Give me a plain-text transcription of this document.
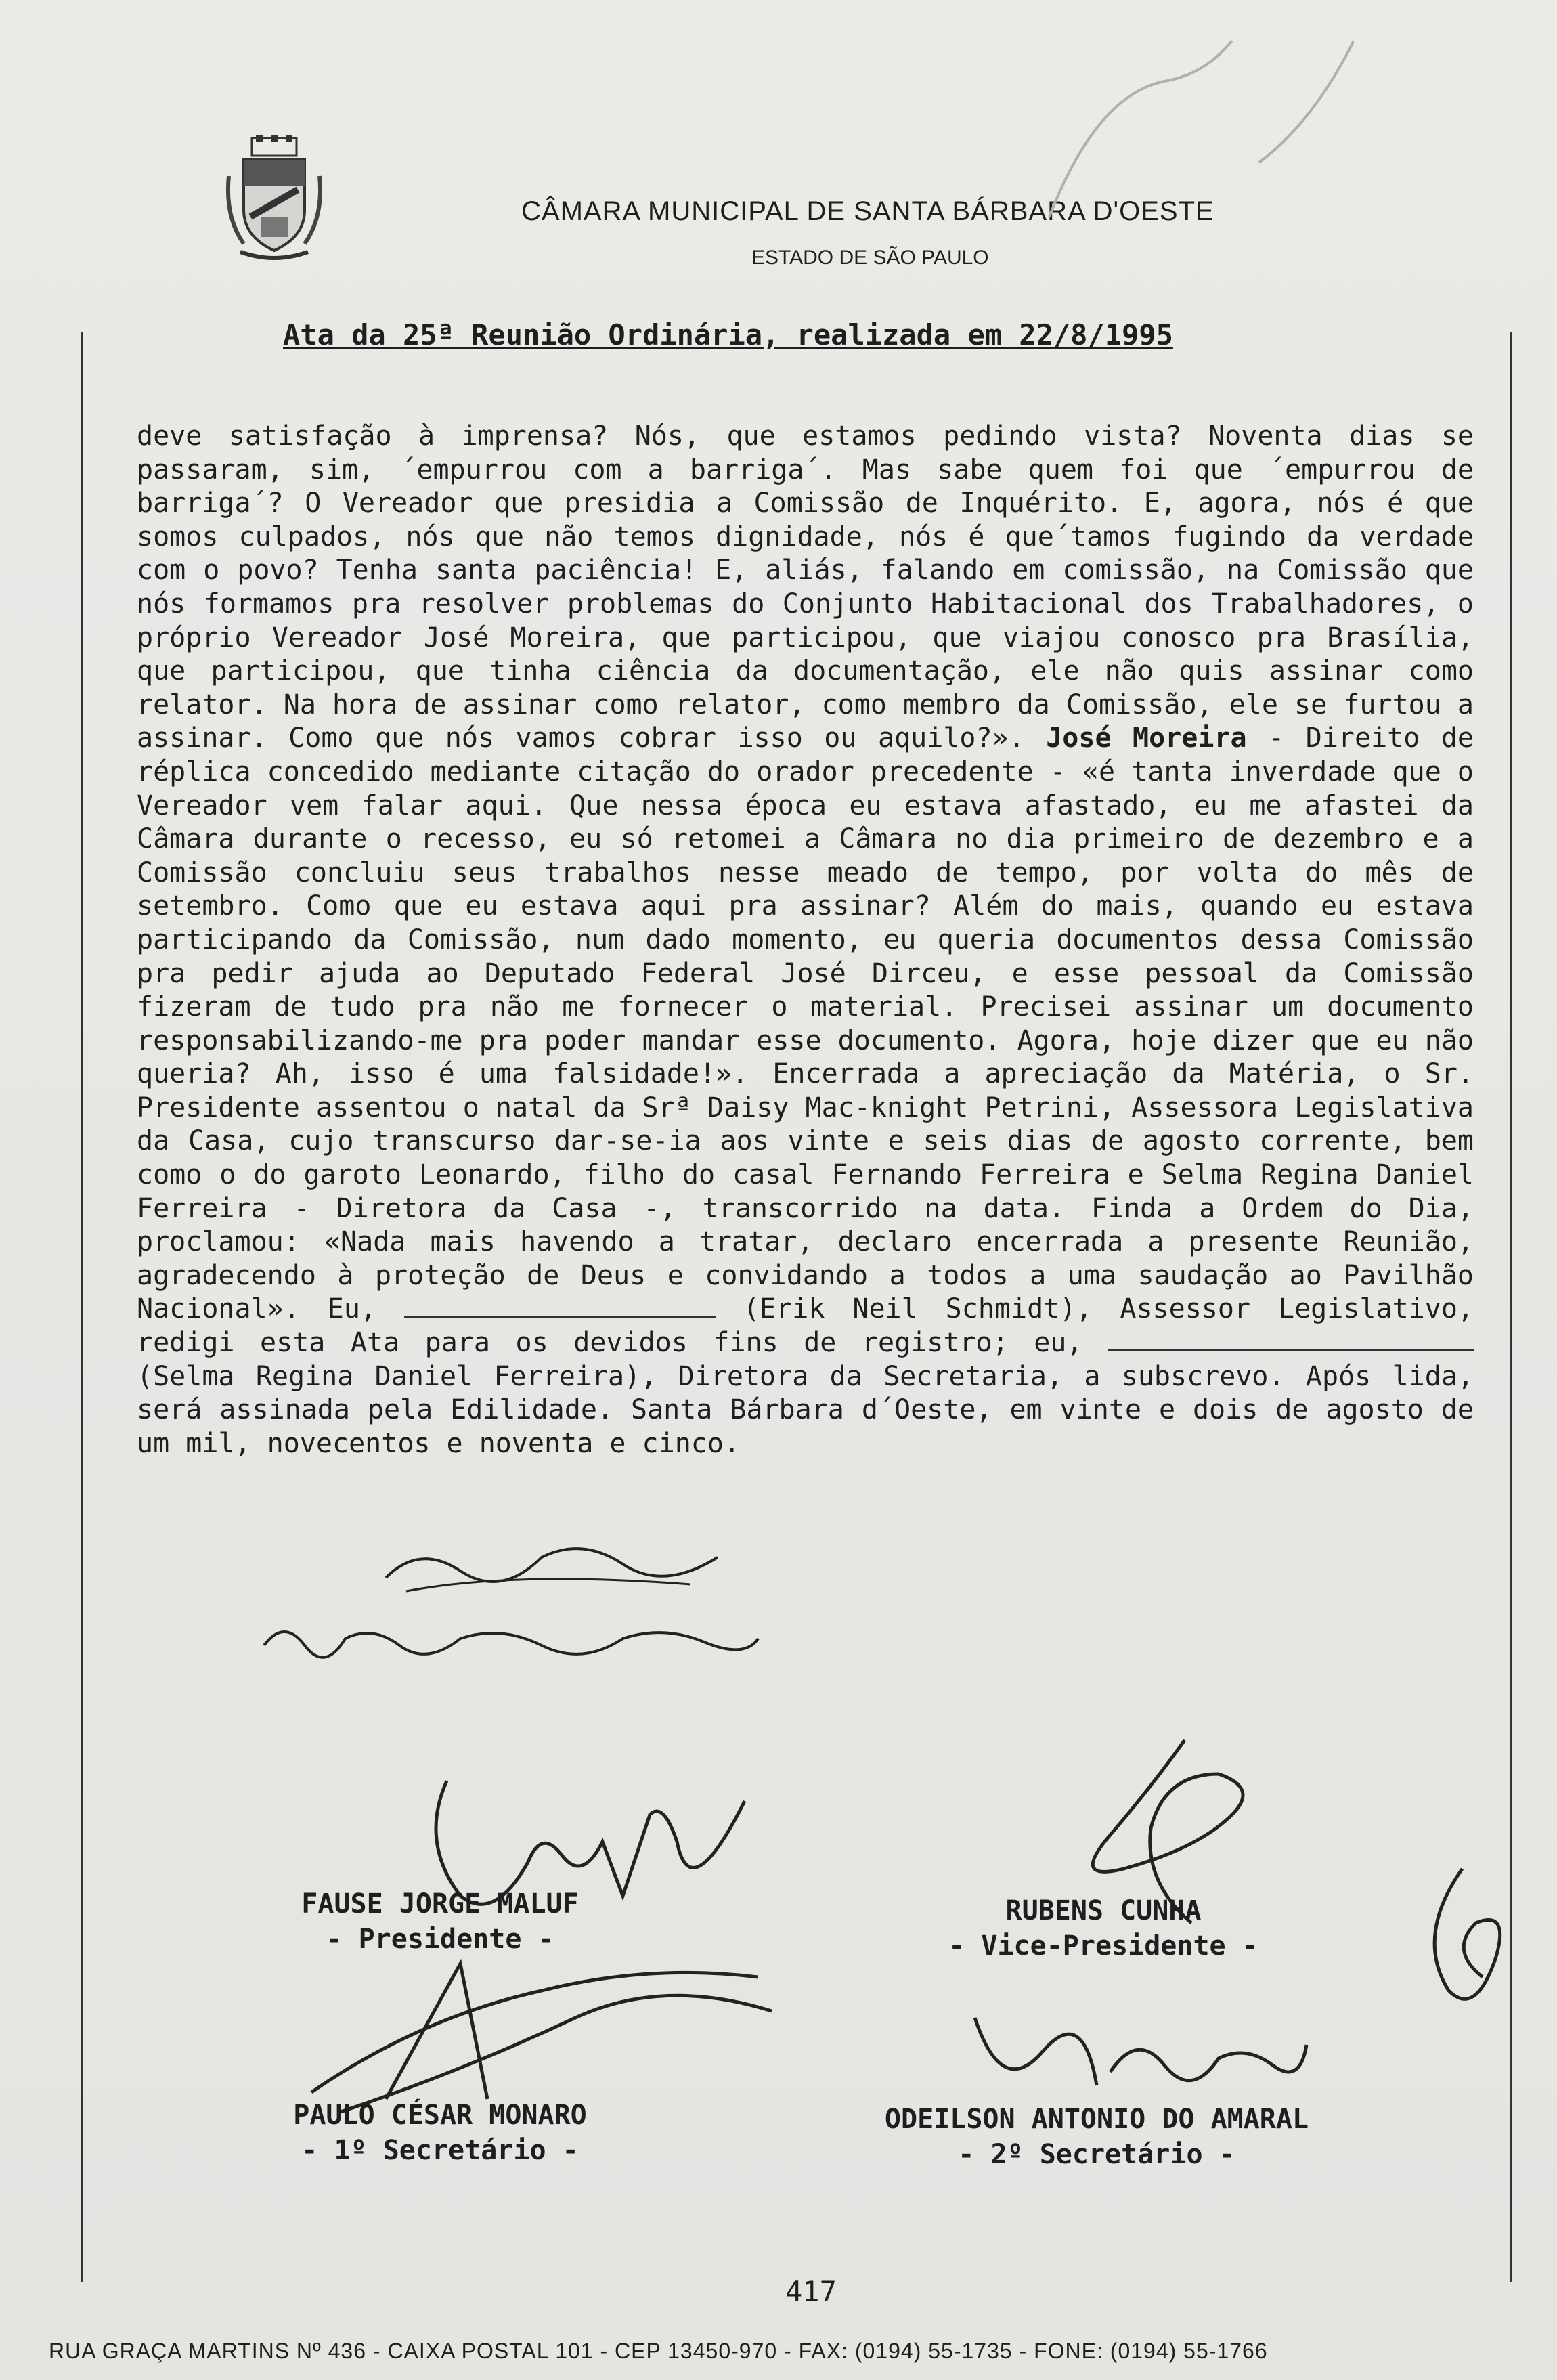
CÂMARA MUNICIPAL DE SANTA BÁRBARA D'OESTE
ESTADO DE SÃO PAULO
Ata da 25ª Reunião Ordinária, realizada em 22/8/1995
deve satisfação à imprensa? Nós, que estamos pedindo vista? Noventa dias se passaram, sim, ´empurrou com a barriga´. Mas sabe quem foi que ´empurrou de barriga´? O Vereador que presidia a Comissão de Inquérito. E, agora, nós é que somos culpados, nós que não temos dignidade, nós é que´tamos fugindo da verdade com o povo? Tenha santa paciência! E, aliás, falando em comissão, na Comissão que nós formamos pra resolver problemas do Conjunto Habitacional dos Trabalhadores, o próprio Vereador José Moreira, que participou, que viajou conosco pra Brasília, que participou, que tinha ciência da documentação, ele não quis assinar como relator. Na hora de assinar como relator, como membro da Comissão, ele se furtou a assinar. Como que nós vamos cobrar isso ou aquilo?». José Moreira - Direito de réplica concedido mediante citação do orador precedente - «é tanta inverdade que o Vereador vem falar aqui. Que nessa época eu estava afastado, eu me afastei da Câmara durante o recesso, eu só retomei a Câmara no dia primeiro de dezembro e a Comissão concluiu seus trabalhos nesse meado de tempo, por volta do mês de setembro. Como que eu estava aqui pra assinar? Além do mais, quando eu estava participando da Comissão, num dado momento, eu queria documentos dessa Comissão pra pedir ajuda ao Deputado Federal José Dirceu, e esse pessoal da Comissão fizeram de tudo pra não me fornecer o material. Precisei assinar um documento responsabilizando-me pra poder mandar esse documento. Agora, hoje dizer que eu não queria? Ah, isso é uma falsidade!». Encerrada a apreciação da Matéria, o Sr. Presidente assentou o natal da Srª Daisy Mac-knight Petrini, Assessora Legislativa da Casa, cujo transcurso dar-se-ia aos vinte e seis dias de agosto corrente, bem como o do garoto Leonardo, filho do casal Fernando Ferreira e Selma Regina Daniel Ferreira - Diretora da Casa -, transcorrido na data. Finda a Ordem do Dia, proclamou: «Nada mais havendo a tratar, declaro encerrada a presente Reunião, agradecendo à proteção de Deus e convidando a todos a uma saudação ao Pavilhão Nacional». Eu,	(Erik Neil Schmidt), Assessor Legislativo, redigi esta Ata para os devidos fins de registro; eu,  (Selma Regina Daniel Ferreira), Diretora da Secretaria, a subscrevo. Após lida, será assinada pela Edilidade. Santa Bárbara d´Oeste, em vinte e dois de agosto de um mil, novecentos e noventa e cinco.
FAUSE JORGE MALUF
- Presidente -
RUBENS CUNHA
- Vice-Presidente -
PAULO CÉSAR MONARO
- 1º Secretário -
ODEILSON ANTONIO DO AMARAL
- 2º Secretário -
417
RUA GRAÇA MARTINS Nº 436 - CAIXA POSTAL 101 - CEP 13450-970 - FAX: (0194) 55-1735 - FONE: (0194) 55-1766
